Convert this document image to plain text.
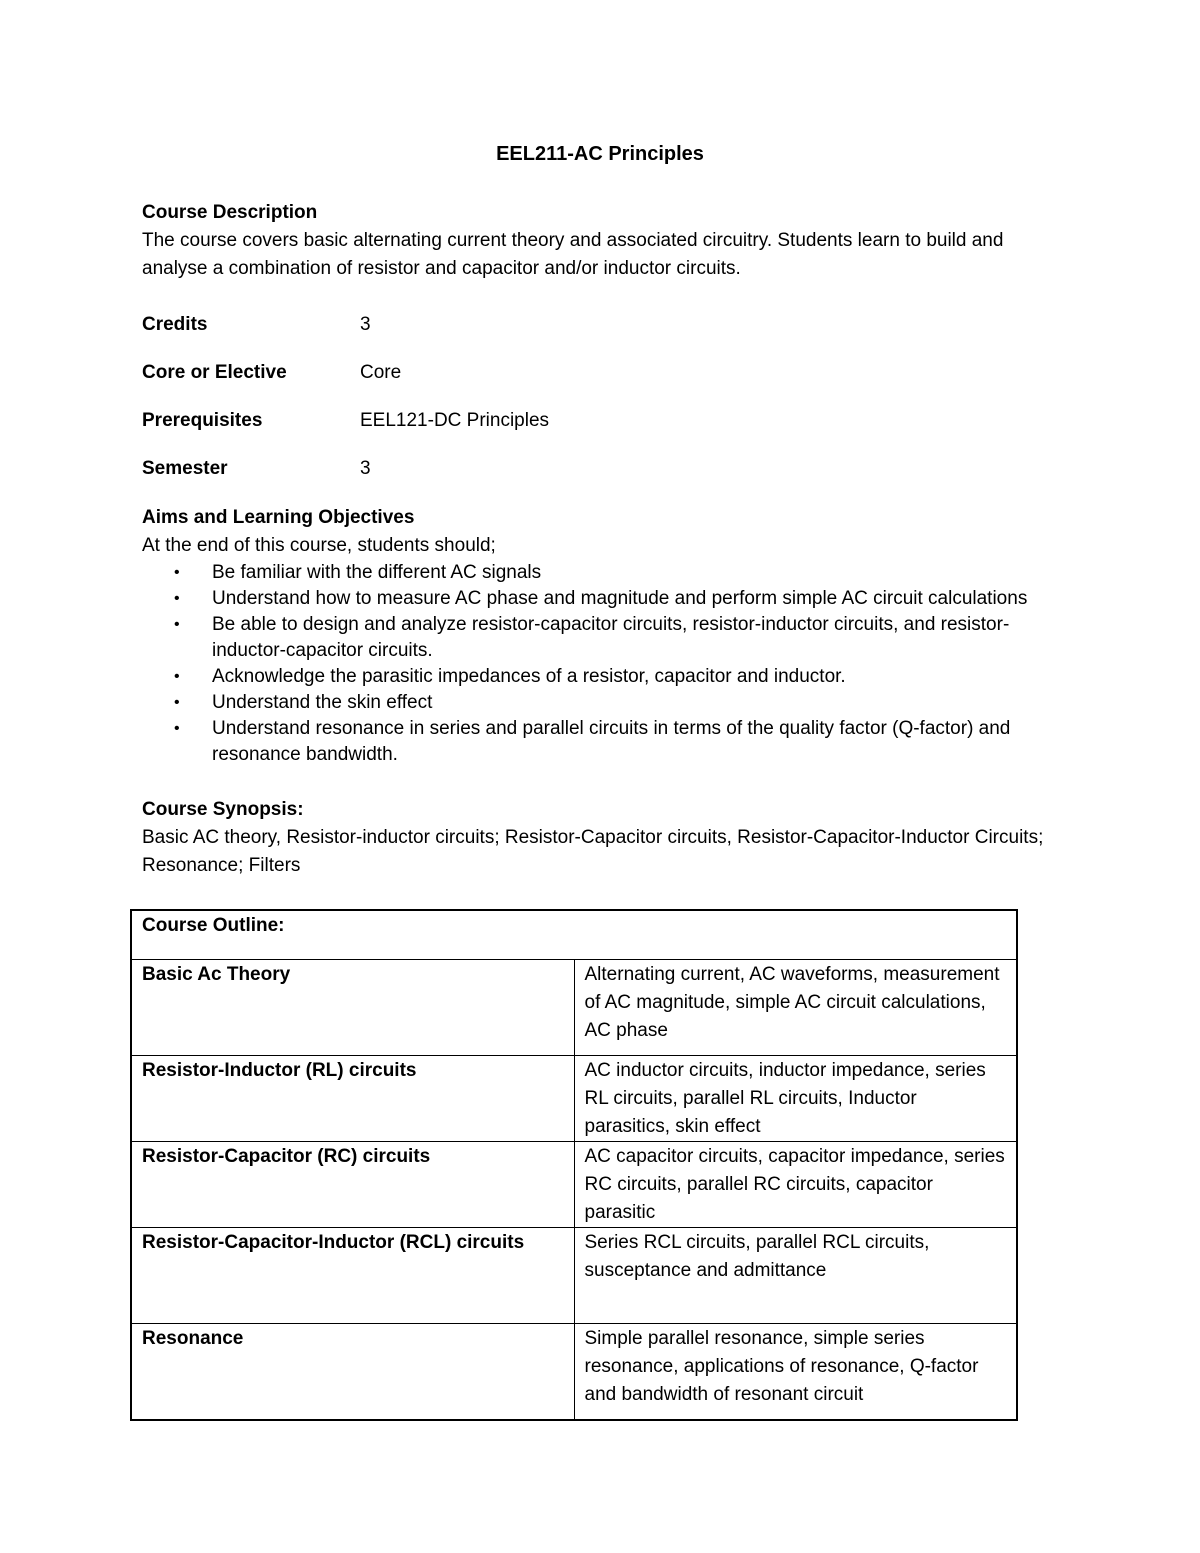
EEL211-AC Principles

Course Description

The course covers basic alternating current theory and associated circuitry. Students learn to build and analyse a combination of resistor and capacitor and/or inductor circuits.

Credits	3
Core or Elective	Core
Prerequisites	EEL121-DC Principles
Semester	3

Aims and Learning Objectives

At the end of this course, students should;

• Be familiar with the different AC signals
• Understand how to measure AC phase and magnitude and perform simple AC circuit calculations
• Be able to design and analyze resistor-capacitor circuits, resistor-inductor circuits, and resistor-inductor-capacitor circuits.
• Acknowledge the parasitic impedances of a resistor, capacitor and inductor.
• Understand the skin effect
• Understand resonance in series and parallel circuits in terms of the quality factor (Q-factor) and resonance bandwidth.

Course Synopsis:

Basic AC theory, Resistor-inductor circuits; Resistor-Capacitor circuits, Resistor-Capacitor-Inductor Circuits; Resonance; Filters

Course Outline:	
Basic Ac Theory	Alternating current, AC waveforms, measurement of AC magnitude, simple AC circuit calculations, AC phase
Resistor-Inductor (RL) circuits	AC inductor circuits, inductor impedance, series RL circuits, parallel RL circuits, Inductor parasitics, skin effect
Resistor-Capacitor (RC) circuits	AC capacitor circuits, capacitor impedance, series RC circuits, parallel RC circuits, capacitor parasitic
Resistor-Capacitor-Inductor (RCL) circuits	Series RCL circuits, parallel RCL circuits, susceptance and admittance
Resonance	Simple parallel resonance, simple series resonance, applications of resonance, Q-factor and bandwidth of resonant circuit
